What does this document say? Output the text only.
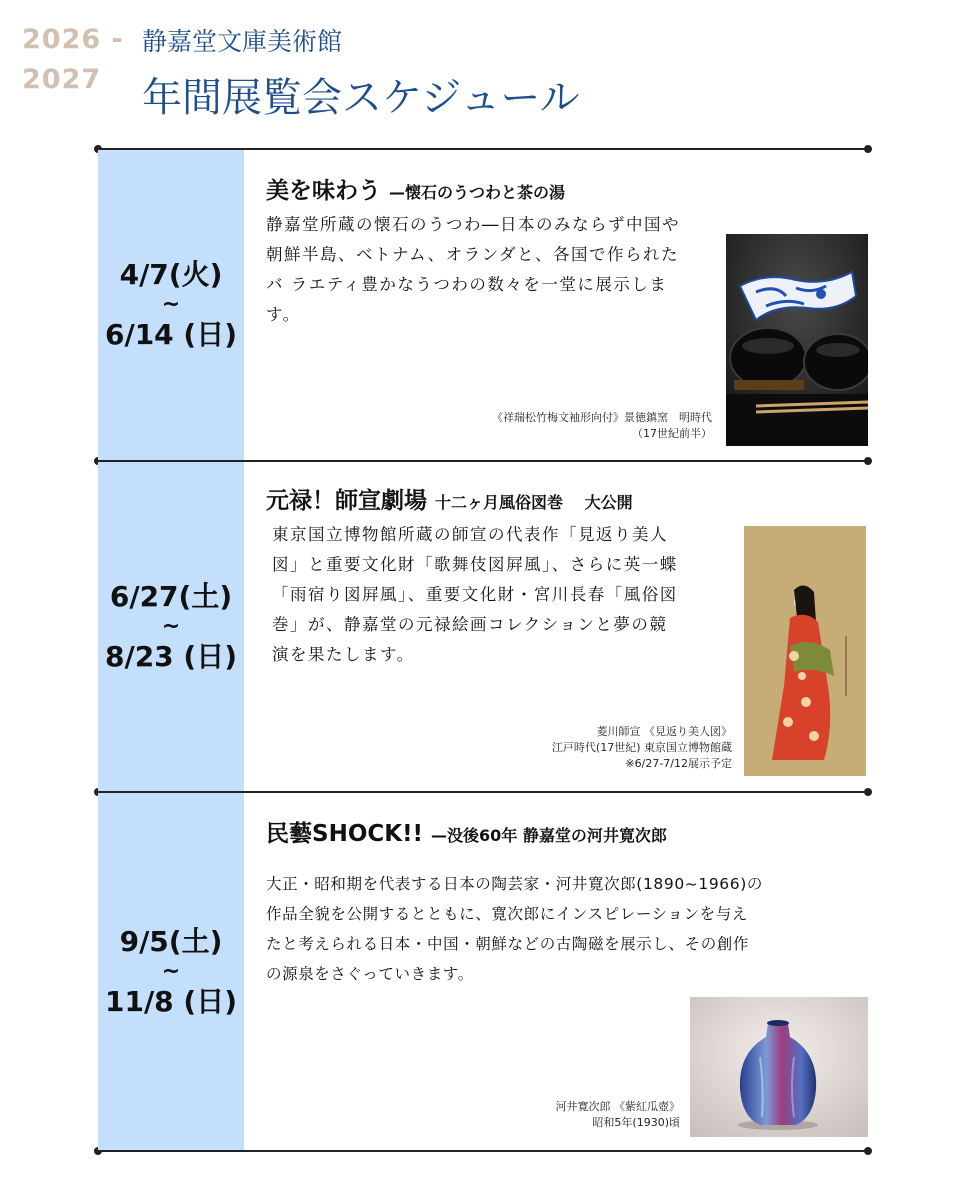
2026 -
2027
静嘉堂文庫美術館
年間展覧会スケジュール
4/7(火)
~
6/14 (日)
美を味わう —懐石のうつわと茶の湯
静嘉堂所蔵の懐石のうつわ―日本のみならず中国や
朝鮮半島、ベトナム、オランダと、各国で作られた
バ ラエティ豊かなうつわの数々を一堂に展示しま
す。
《祥瑞松竹梅文袖形向付》景徳鎮窯　明時代
（17世紀前半）
6/27(土)
~
8/23 (日)
元禄！師宣劇場 十二ヶ月風俗図巻　 大公開
東京国立博物館所蔵の師宣の代表作「見返り美人
図」と重要文化財「歌舞伎図屛風」、さらに英一蝶
「雨宿り図屛風」、重要文化財・宮川長春「風俗図
巻」が、静嘉堂の元禄絵画コレクションと夢の競
演を果たします。
菱川師宣 《見返り美人図》
江戸時代(17世紀) 東京国立博物館蔵
※6/27-7/12展示予定
9/5(土)
~
11/8 (日)
民藝SHOCK!! —没後60年 静嘉堂の河井寛次郎
大正・昭和期を代表する日本の陶芸家・河井寛次郎(1890~1966)の
作品全貌を公開するとともに、寛次郎にインスピレーションを与え
たと考えられる日本・中国・朝鮮などの古陶磁を展示し、その創作
の源泉をさぐっていきます。
河井寛次郎 《紫紅瓜壺》
昭和5年(1930)頃
